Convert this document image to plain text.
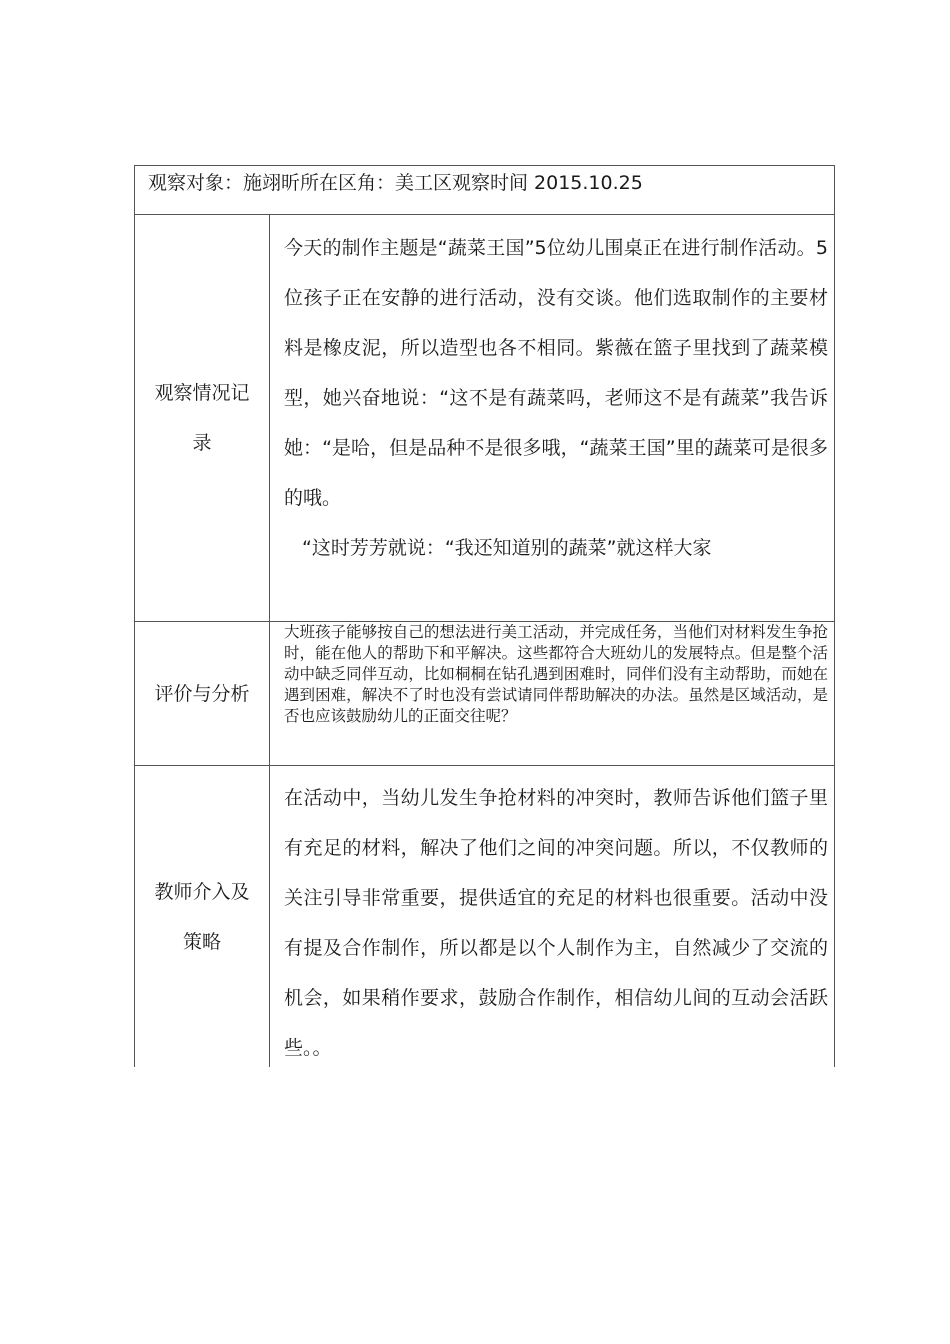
观察对象：施翊昕所在区角：美工区观察时间 2015.10.25
观察情况记录

今天的制作主题是“蔬菜王国”5位幼儿围桌正在进行制作活动。5位孩子正在安静的进行活动，没有交谈。他们选取制作的主要材料是橡皮泥，所以造型也各不相同。紫薇在篮子里找到了蔬菜模型，她兴奋地说：“这不是有蔬菜吗，老师这不是有蔬菜”我告诉她：“是哈，但是品种不是很多哦，“蔬菜王国”里的蔬菜可是很多的哦。

“这时芳芳就说：“我还知道别的蔬菜”就这样大家

评价与分析

大班孩子能够按自己的想法进行美工活动，并完成任务，当他们对材料发生争抢时，能在他人的帮助下和平解决。这些都符合大班幼儿的发展特点。但是整个活动中缺乏同伴互动，比如桐桐在钻孔遇到困难时，同伴们没有主动帮助，而她在遇到困难，解决不了时也没有尝试请同伴帮助解决的办法。虽然是区域活动，是否也应该鼓励幼儿的正面交往呢？

教师介入及策略

在活动中，当幼儿发生争抢材料的冲突时，教师告诉他们篮子里有充足的材料，解决了他们之间的冲突问题。所以，不仅教师的关注引导非常重要，提供适宜的充足的材料也很重要。活动中没有提及合作制作，所以都是以个人制作为主，自然减少了交流的机会，如果稍作要求，鼓励合作制作，相信幼儿间的互动会活跃些。。
